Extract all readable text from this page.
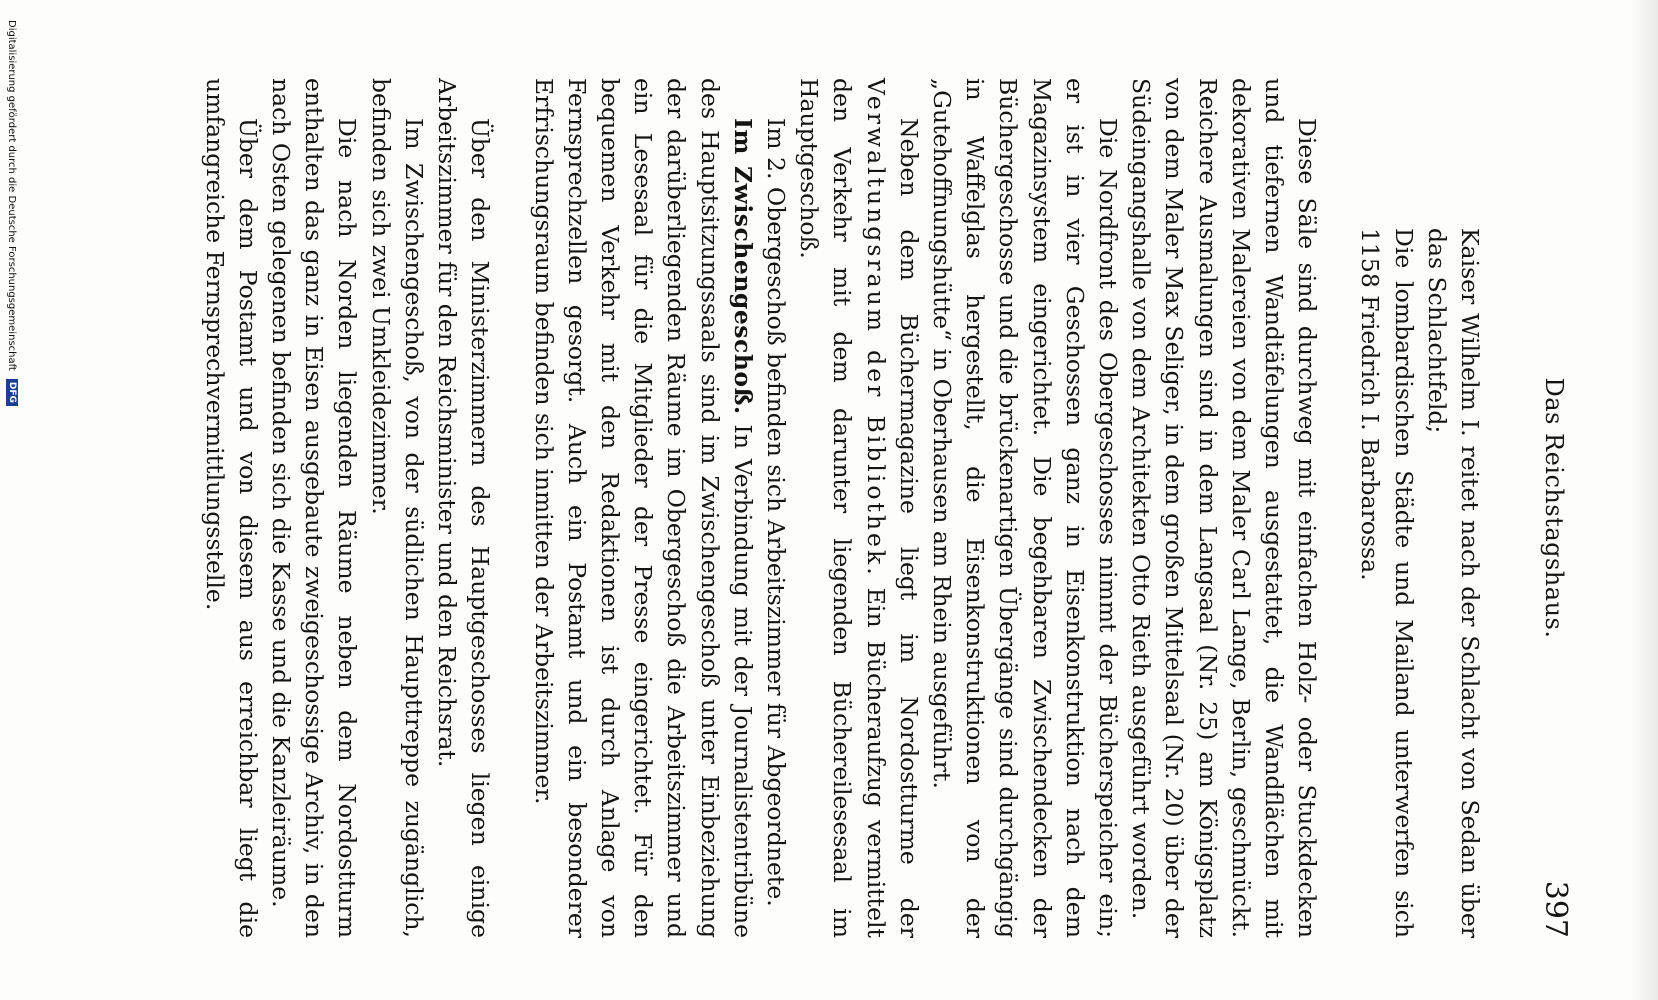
Das Reichstagshaus.
397

Kaiser Wilhelm I. reitet nach der Schlacht von Sedan über das Schlachtfeld;

Die lombardischen Städte und Mailand unterwerfen sich 1158 Friedrich I. Barbarossa.

Diese Säle sind durchweg mit einfachen Holz- oder Stuckdecken und tiefernen Wandtäfelungen ausgestattet, die Wandflächen mit dekorativen Malereien von dem Maler Carl Lange, Berlin, geschmückt. Reichere Ausmalungen sind in dem Langsaal (Nr. 25) am Königsplatz von dem Maler Max Seliger, in dem großen Mittelsaal (Nr. 20) über der Südeingangshalle von dem Architekten Otto Rieth ausgeführt worden.

Die Nordfront des Obergeschosses nimmt der Bücherspeicher ein; er ist in vier Geschossen ganz in Eisenkonstruktion nach dem Magazinsystem eingerichtet. Die begehbaren Zwischendecken der Büchergeschosse und die brückenartigen Übergänge sind durchgängig in Waffelglas hergestellt, die Eisenkonstruktionen von der „Gutehoffnungshütte“ in Oberhausen am Rhein ausgeführt.

Neben dem Büchermagazine liegt im Nordostturme der Verwaltungsraum der Bibliothek. Ein Bücheraufzug vermittelt den Verkehr mit dem darunter liegenden Büchereilesesaal im Hauptgeschoß.

Im 2. Obergeschoß befinden sich Arbeitszimmer für Abgeordnete.

Im Zwischengeschoß. In Verbindung mit der Journalistentribüne des Hauptsitzungssaals sind im Zwischengeschoß unter Einbeziehung der darüberliegenden Räume im Obergeschoß die Arbeitszimmer und ein Lesesaal für die Mitglieder der Presse eingerichtet. Für den bequemen Verkehr mit den Redaktionen ist durch Anlage von Fernsprechzellen gesorgt. Auch ein Postamt und ein besonderer Erfrischungsraum befinden sich inmitten der Arbeitszimmer.

Über den Ministerzimmern des Hauptgeschosses liegen einige Arbeitszimmer für den Reichsminister und den Reichsrat.

Im Zwischengeschoß, von der südlichen Haupttreppe zugänglich, befinden sich zwei Umkleidezimmer.

Die nach Norden liegenden Räume neben dem Nordostturm enthalten das ganz in Eisen ausgebaute zweigeschossige Archiv, in den nach Osten gelegenen befinden sich die Kasse und die Kanzleiräume.

Über dem Postamt und von diesem aus erreichbar liegt die umfangreiche Fernsprechvermittlungsstelle.

Digitalisierung gefördert durch die Deutsche Forschungsgemeinschaft
DFG
